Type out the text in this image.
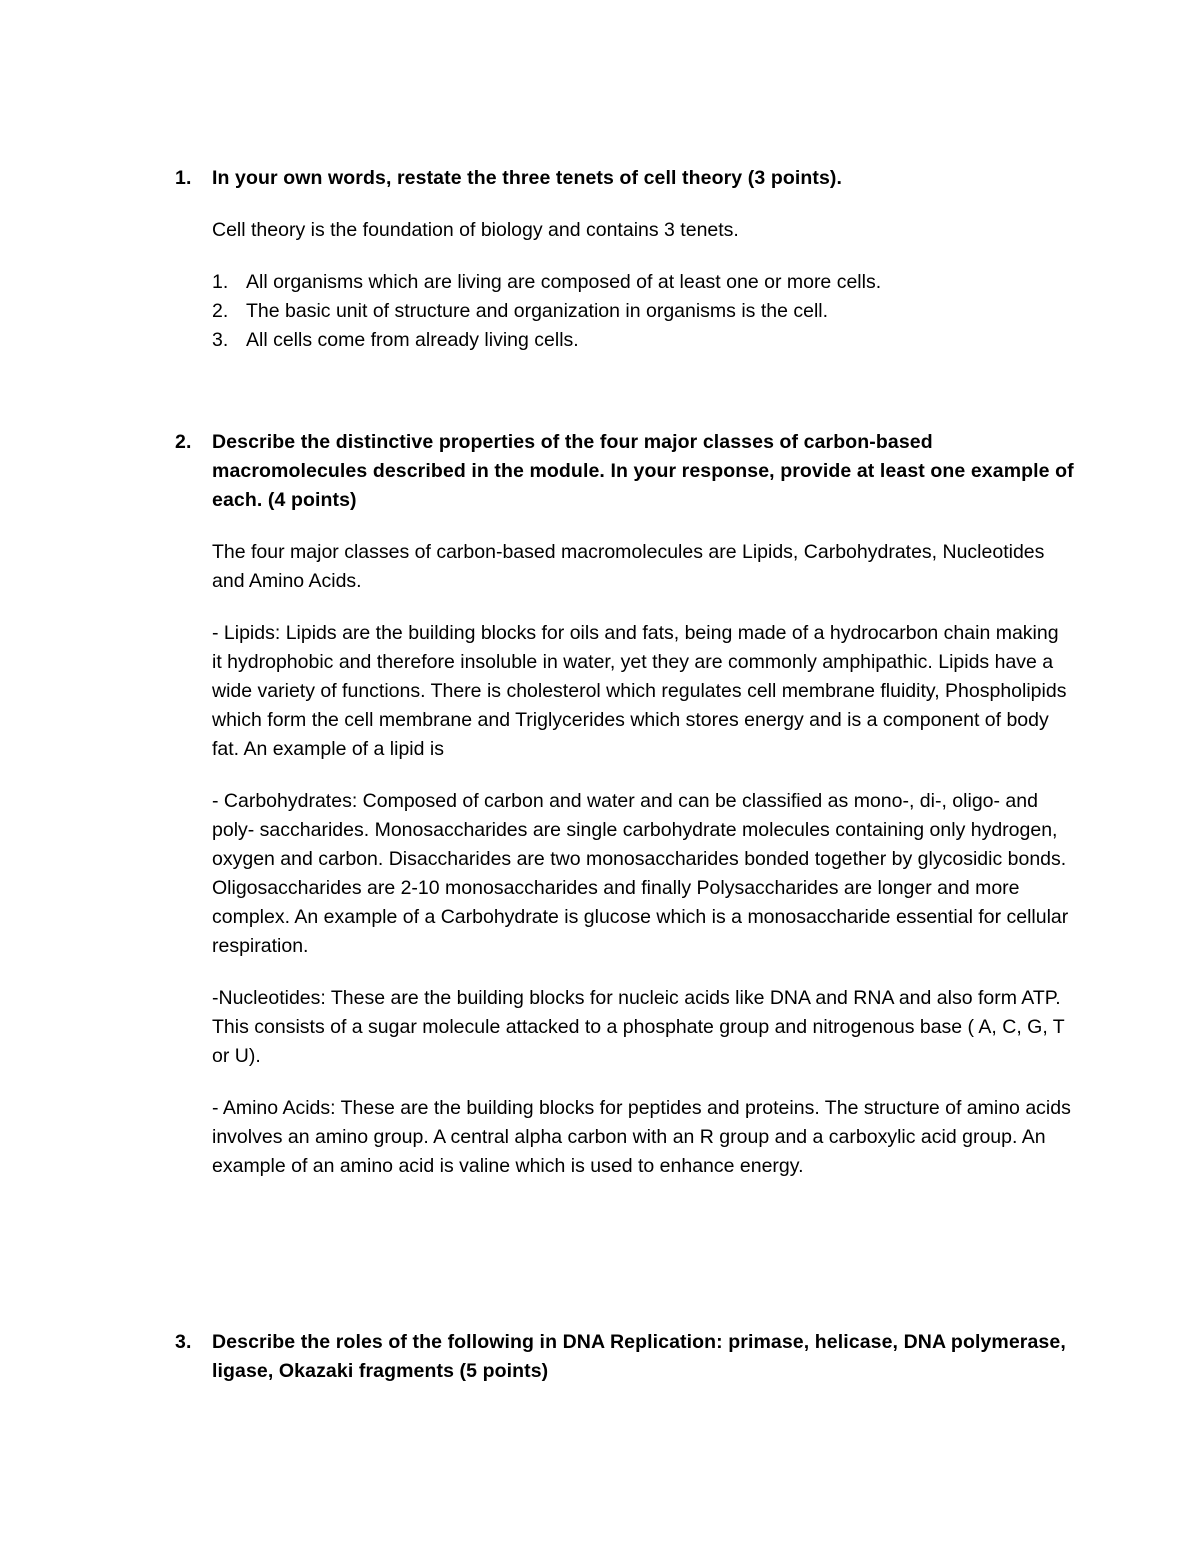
1.	In your own words, restate the three tenets of cell theory (3 points).

Cell theory is the foundation of biology and contains 3 tenets.

1. All organisms which are living are composed of at least one or more cells.
2. The basic unit of structure and organization in organisms is the cell.
3. All cells come from already living cells.
2.	Describe the distinctive properties of the four major classes of carbon-based macromolecules described in the module. In your response, provide at least one example of each. (4 points)

The four major classes of carbon-based macromolecules are Lipids, Carbohydrates, Nucleotides and Amino Acids.

- Lipids: Lipids are the building blocks for oils and fats, being made of a hydrocarbon chain making it hydrophobic and therefore insoluble in water, yet they are commonly amphipathic. Lipids have a wide variety of functions. There is cholesterol which regulates cell membrane fluidity, Phospholipids which form the cell membrane and Triglycerides which stores energy and is a component of body fat. An example of a lipid is

- Carbohydrates: Composed of carbon and water and can be classified as mono-, di-, oligo- and poly- saccharides. Monosaccharides are single carbohydrate molecules containing only hydrogen, oxygen and carbon. Disaccharides are two monosaccharides bonded together by glycosidic bonds. Oligosaccharides are 2-10 monosaccharides and finally Polysaccharides are longer and more complex. An example of a Carbohydrate is glucose which is a monosaccharide essential for cellular respiration.

-Nucleotides: These are the building blocks for nucleic acids like DNA and RNA and also form ATP. This consists of a sugar molecule attacked to a phosphate group and nitrogenous base ( A, C, G, T or U).

- Amino Acids: These are the building blocks for peptides and proteins. The structure of amino acids involves an amino group. A central alpha carbon with an R group and a carboxylic acid group. An example of an amino acid is valine which is used to enhance energy.

3.	Describe the roles of the following in DNA Replication: primase, helicase, DNA polymerase, ligase, Okazaki fragments (5 points)
